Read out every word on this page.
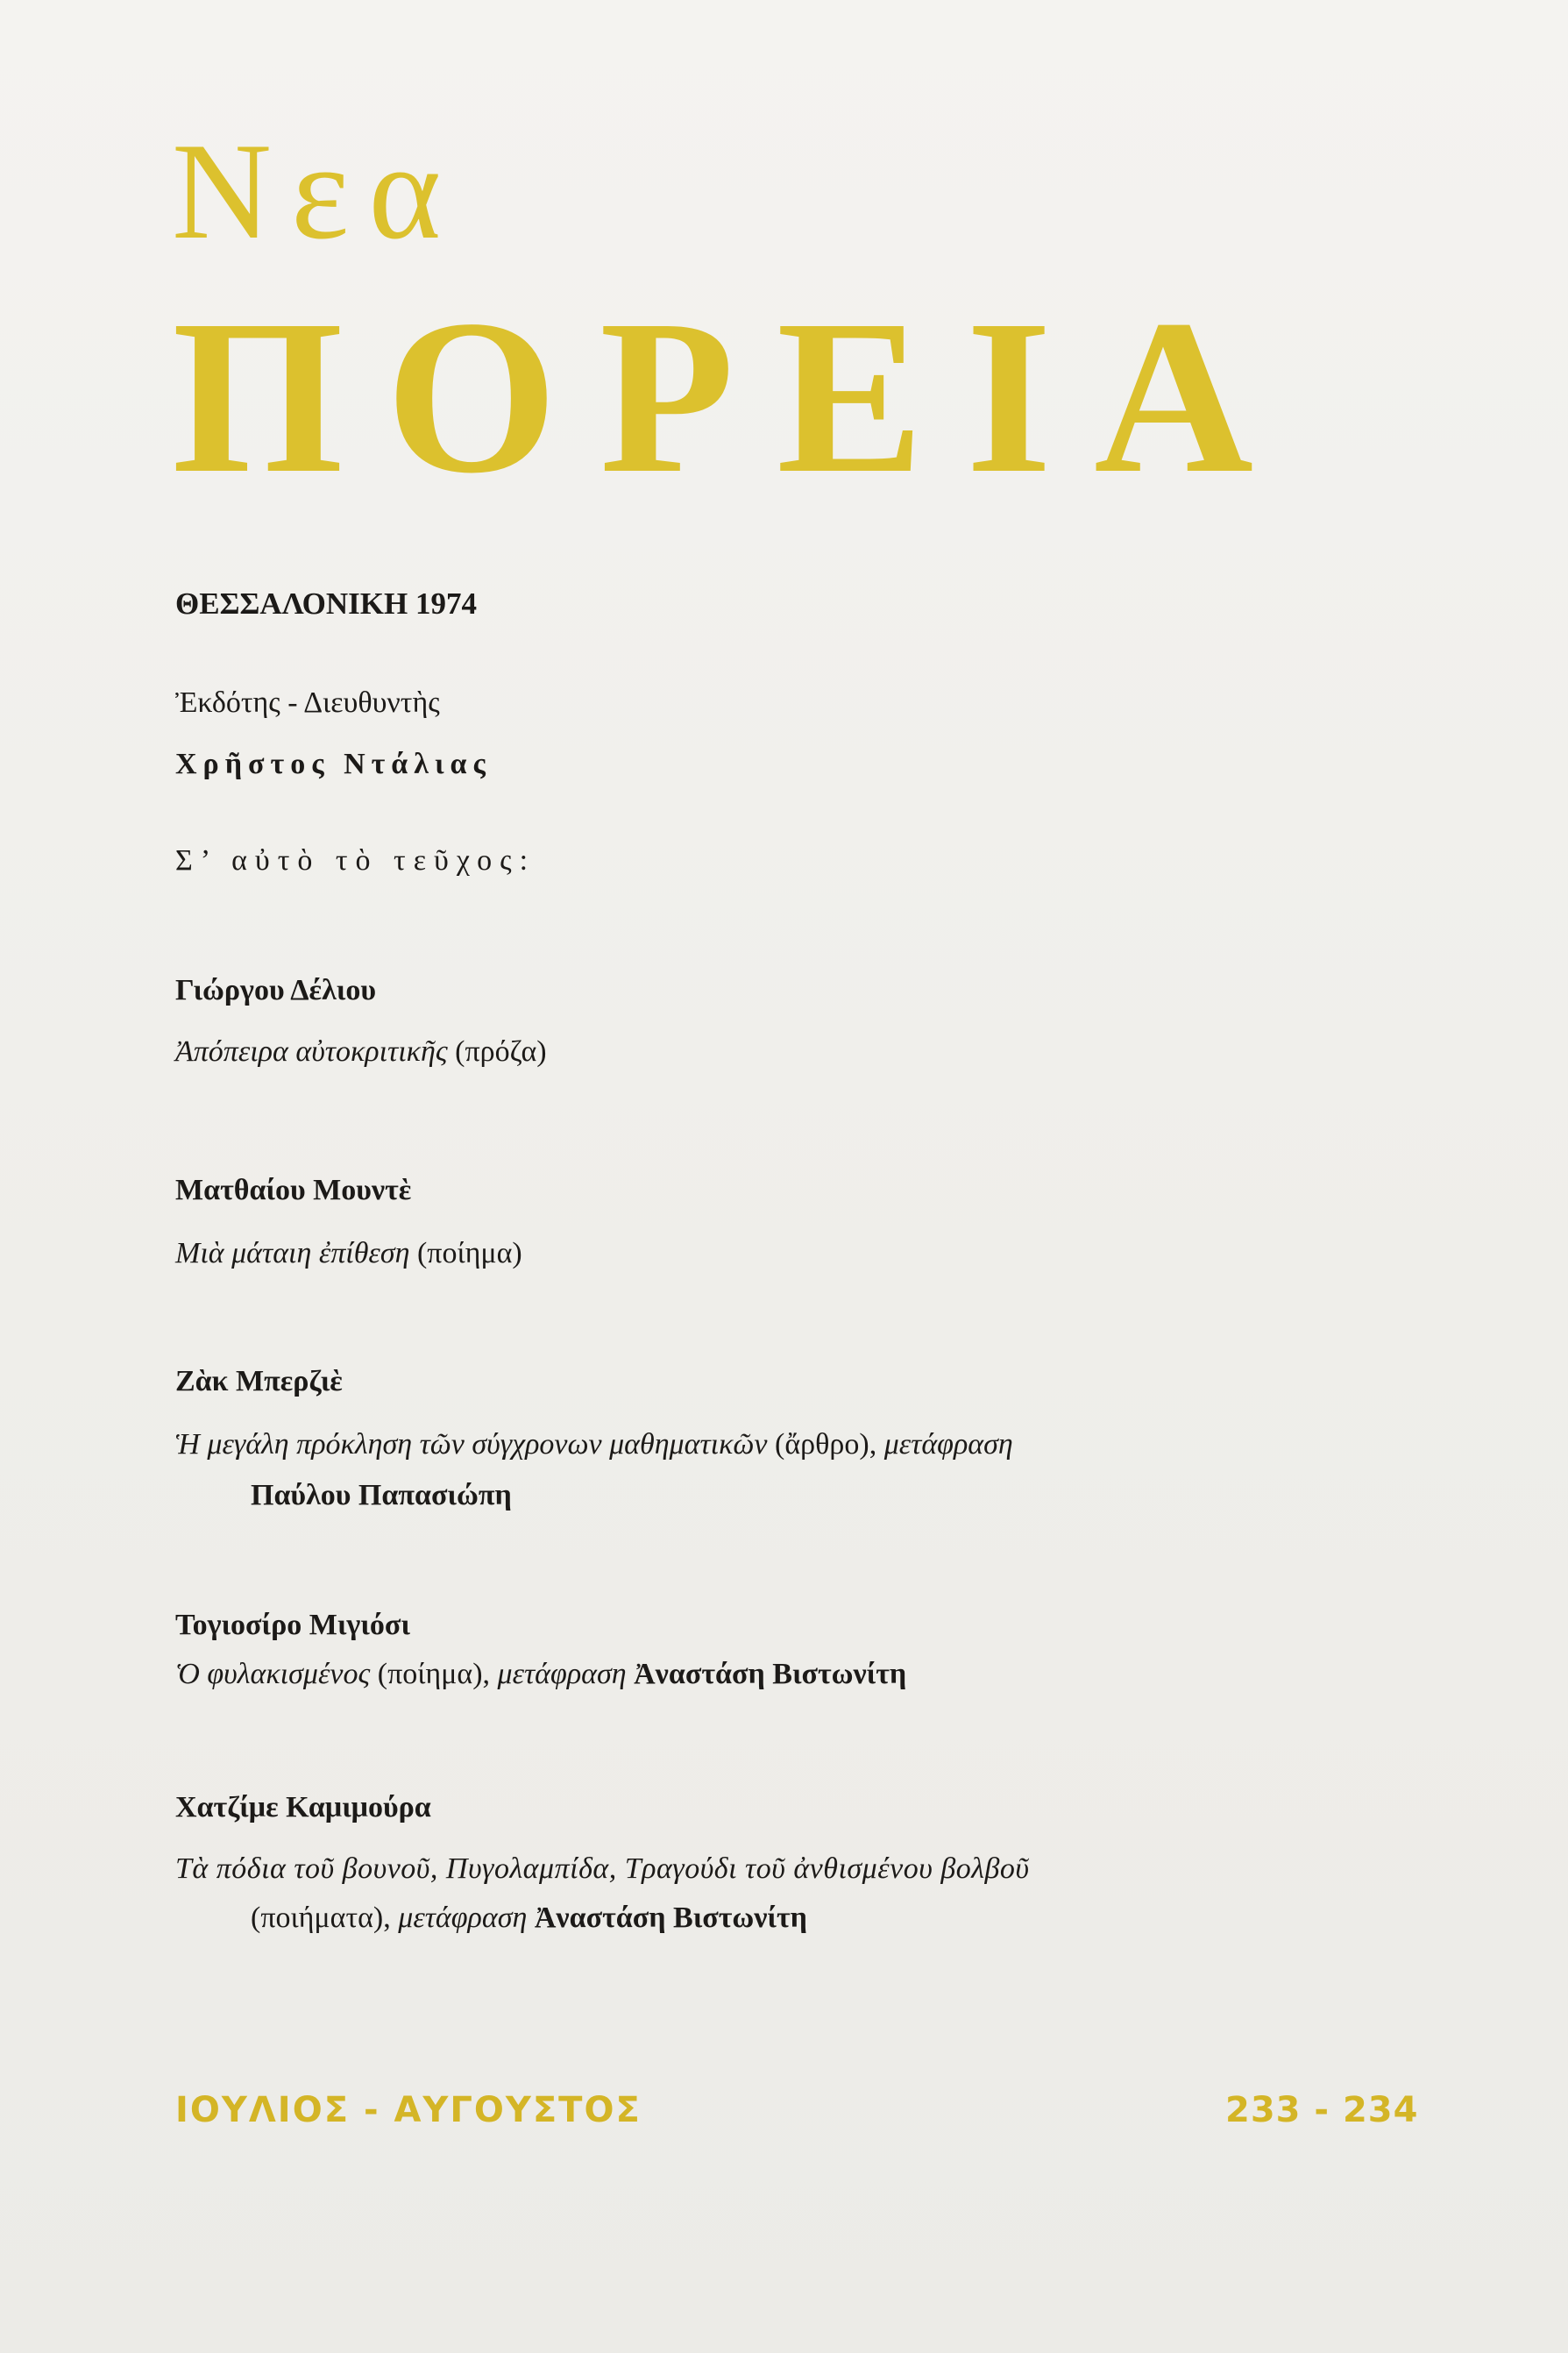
Νεα
ΠΟΡΕΙΑ
ΘΕΣΣΑΛΟΝΙΚΗ 1974
Ἐκδότης - Διευθυντὴς
Χρῆστος Ντάλιας
Σ’ αὐτὸ τὸ τεῦχος:
Γιώργου Δέλιου
Ἀπόπειρα αὐτοκριτικῆς (πρόζα)
Ματθαίου Μουντὲ
Μιὰ μάταιη ἐπίθεση (ποίημα)
Ζὰκ Μπερζιὲ
Ἡ μεγάλη πρόκληση τῶν σύγχρονων μαθηματικῶν (ἄρθρο), μετάφραση
Παύλου Παπασιώπη
Τογιοσίρο Μιγιόσι
Ὁ φυλακισμένος (ποίημα), μετάφραση Ἀναστάση Βιστωνίτη
Χατζίμε Καμιμούρα
Τὰ πόδια τοῦ βουνοῦ, Πυγολαμπίδα, Τραγούδι τοῦ ἀνθισμένου βολβοῦ
(ποιήματα), μετάφραση Ἀναστάση Βιστωνίτη
ΙΟΥΛΙΟΣ - ΑΥΓΟΥΣΤΟΣ	233 - 234
